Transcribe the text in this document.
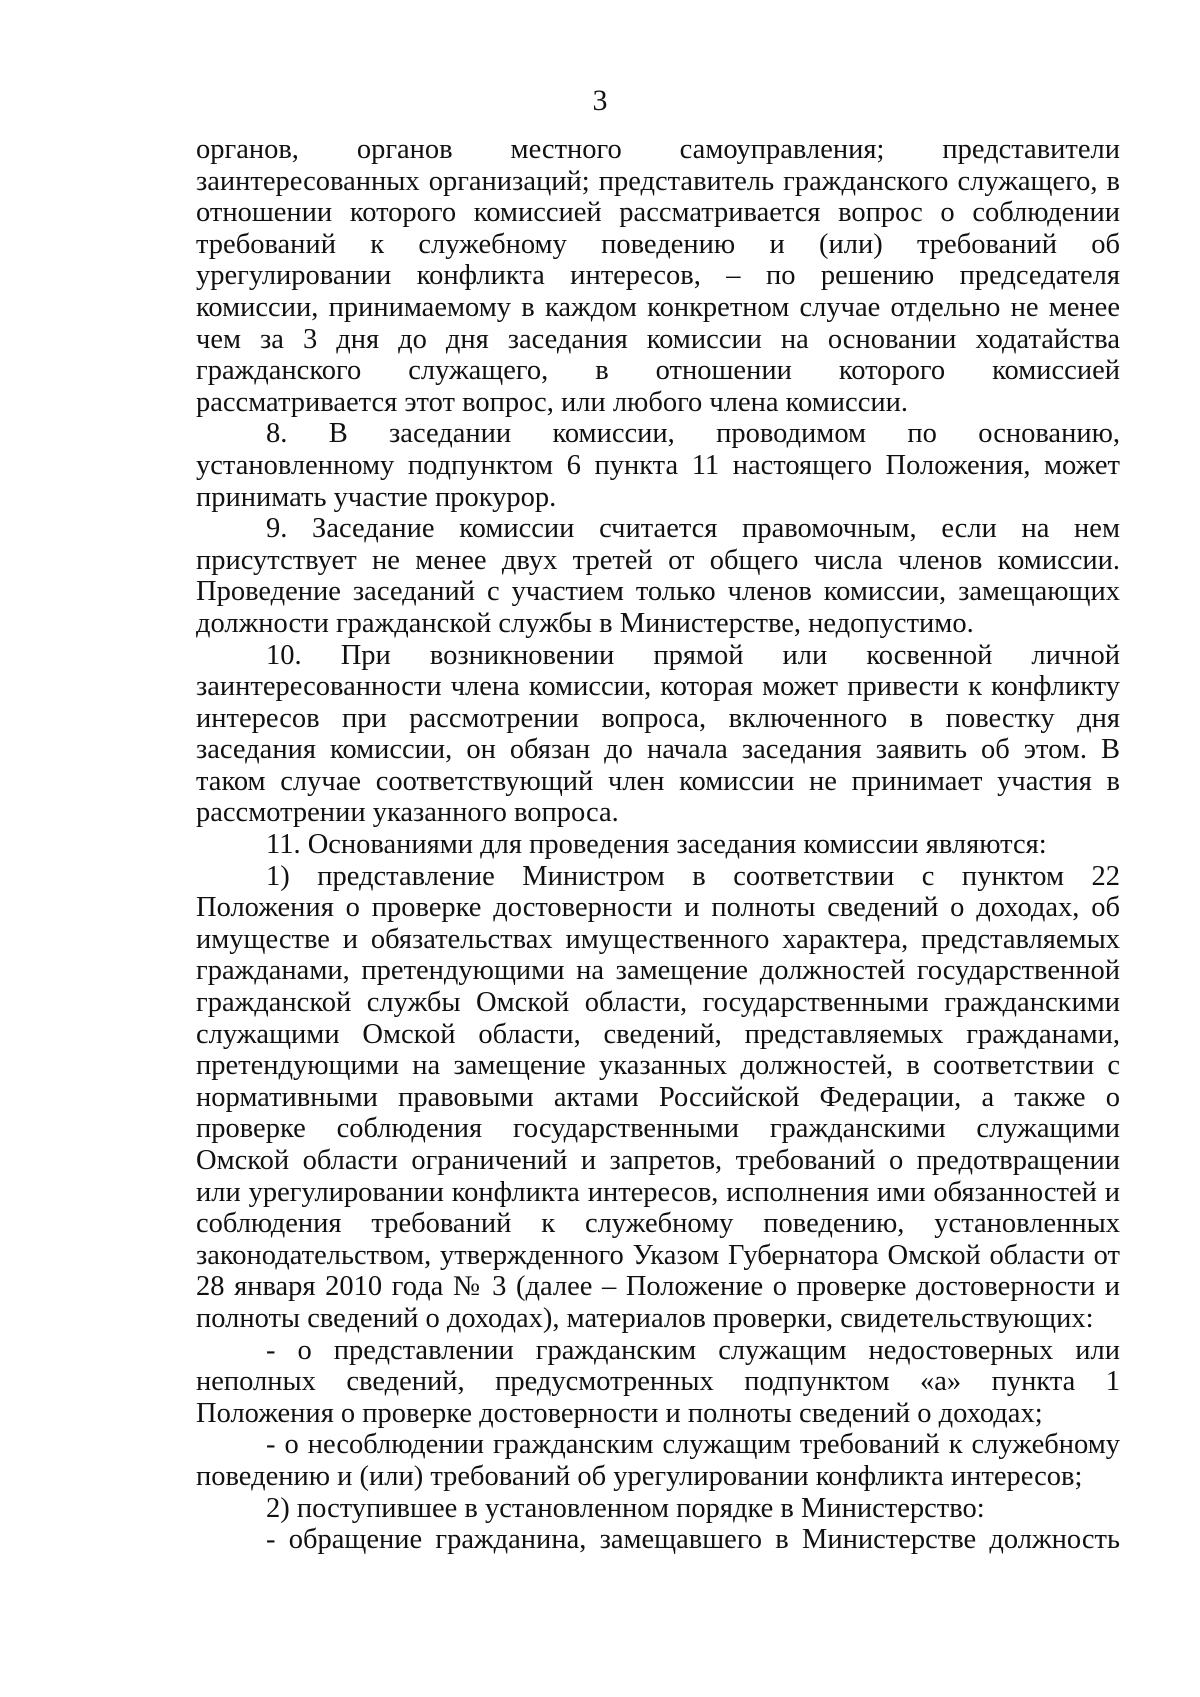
3

органов, органов местного самоуправления; представители заинтересованных организаций; представитель гражданского служащего, в отношении которого комиссией рассматривается вопрос о соблюдении требований к служебному поведению и (или) требований об урегулировании конфликта интересов, – по решению председателя комиссии, принимаемому в каждом конкретном случае отдельно не менее чем за 3 дня до дня заседания комиссии на основании ходатайства гражданского служащего, в отношении которого комиссией рассматривается этот вопрос, или любого члена комиссии.

8. В заседании комиссии, проводимом по основанию, установленному подпунктом 6 пункта 11 настоящего Положения, может принимать участие прокурор.

9. Заседание комиссии считается правомочным, если на нем присутствует не менее двух третей от общего числа членов комиссии. Проведение заседаний с участием только членов комиссии, замещающих должности гражданской службы в Министерстве, недопустимо.

10. При возникновении прямой или косвенной личной заинтересованности члена комиссии, которая может привести к конфликту интересов при рассмотрении вопроса, включенного в повестку дня заседания комиссии, он обязан до начала заседания заявить об этом. В таком случае соответствующий член комиссии не принимает участия в рассмотрении указанного вопроса.

11. Основаниями для проведения заседания комиссии являются:

1) представление Министром в соответствии с пунктом 22 Положения о проверке достоверности и полноты сведений о доходах, об имуществе и обязательствах имущественного характера, представляемых гражданами, претендующими на замещение должностей государственной гражданской службы Омской области, государственными гражданскими служащими Омской области, сведений, представляемых гражданами, претендующими на замещение указанных должностей, в соответствии с нормативными правовыми актами Российской Федерации, а также о проверке соблюдения государственными гражданскими служащими Омской области ограничений и запретов, требований о предотвращении или урегулировании конфликта интересов, исполнения ими обязанностей и соблюдения требований к служебному поведению, установленных законодательством, утвержденного Указом Губернатора Омской области от 28 января 2010 года № 3 (далее – Положение о проверке достоверности и полноты сведений о доходах), материалов проверки, свидетельствующих:

- о представлении гражданским служащим недостоверных или неполных сведений, предусмотренных подпунктом «а» пункта 1 Положения о проверке достоверности и полноты сведений о доходах;

- о несоблюдении гражданским служащим требований к служебному поведению и (или) требований об урегулировании конфликта интересов;

2) поступившее в установленном порядке в Министерство:

- обращение гражданина, замещавшего в Министерстве должность
